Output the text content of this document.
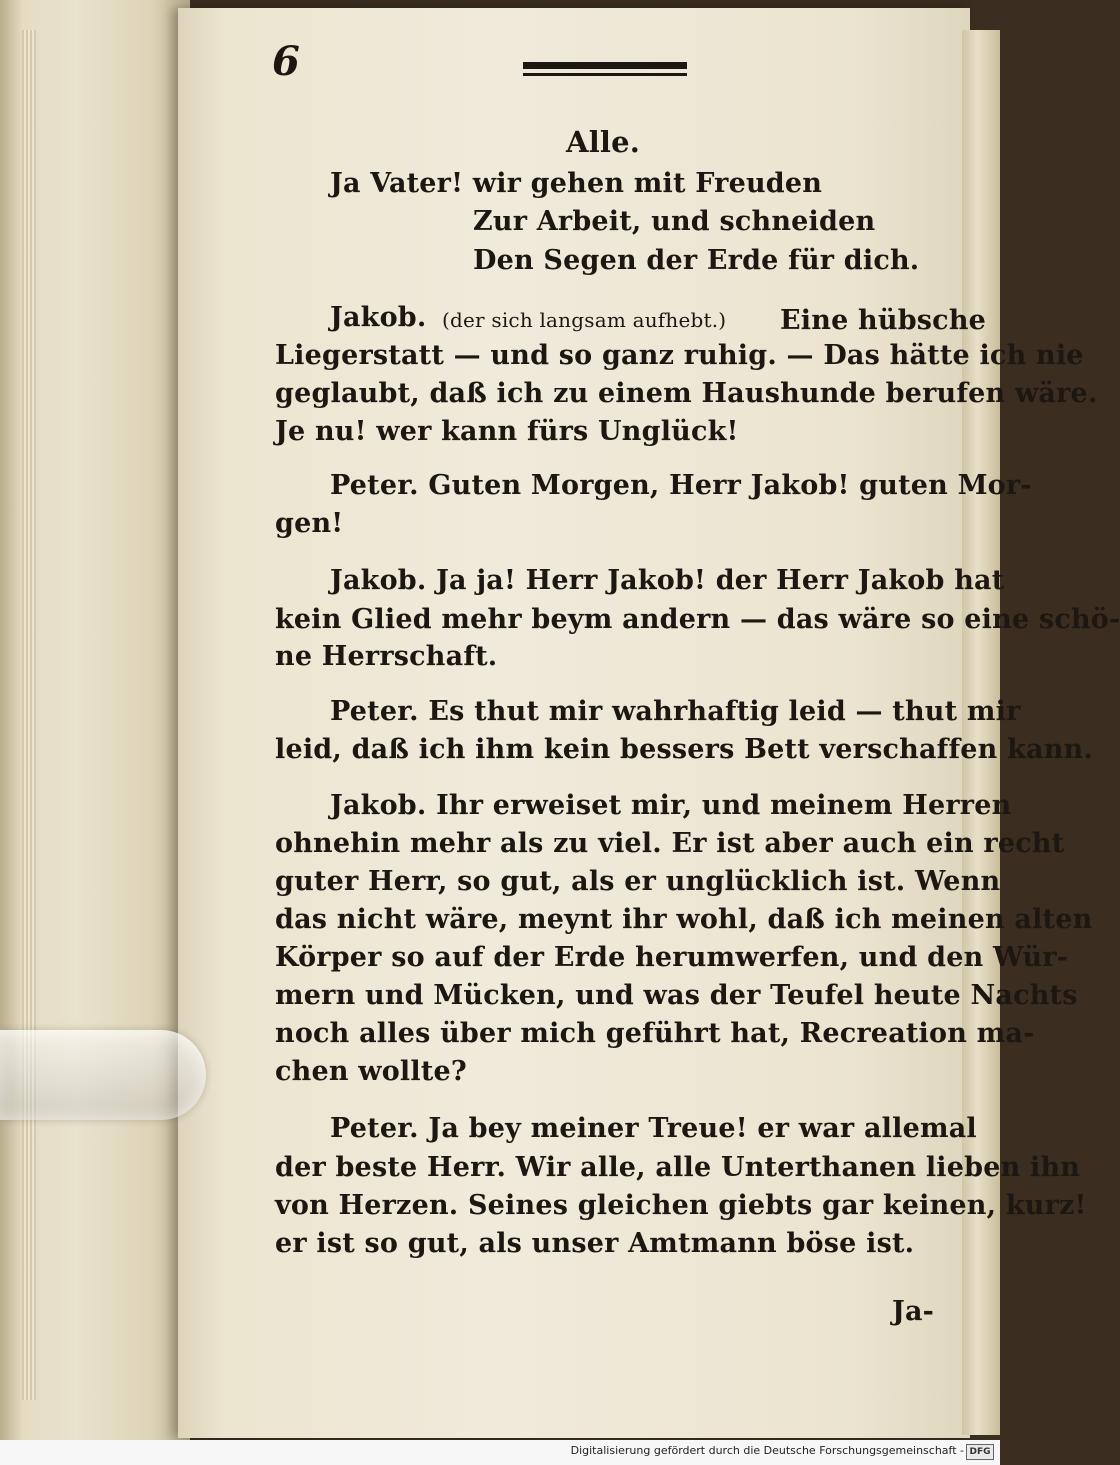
6
Alle.
Ja Vater! wir gehen mit Freuden
Zur Arbeit, und schneiden
Den Segen der Erde für dich.
Jakob. (der sich langsam aufhebt.) Eine hübsche
Liegerstatt — und so ganz ruhig. — Das hätte ich nie
geglaubt, daß ich zu einem Haushunde berufen wäre.
Je nu! wer kann fürs Unglück!
Peter. Guten Morgen, Herr Jakob! guten Mor-
gen!
Jakob. Ja ja! Herr Jakob! der Herr Jakob hat
kein Glied mehr beym andern — das wäre so eine schö-
ne Herrschaft.
Peter. Es thut mir wahrhaftig leid — thut mir
leid, daß ich ihm kein bessers Bett verschaffen kann.
Jakob. Ihr erweiset mir, und meinem Herren
ohnehin mehr als zu viel. Er ist aber auch ein recht
guter Herr, so gut, als er unglücklich ist. Wenn
das nicht wäre, meynt ihr wohl, daß ich meinen alten
Körper so auf der Erde herumwerfen, und den Wür-
mern und Mücken, und was der Teufel heute Nachts
noch alles über mich geführt hat, Recreation ma-
chen wollte?
Peter. Ja bey meiner Treue! er war allemal
der beste Herr. Wir alle, alle Unterthanen lieben ihn
von Herzen. Seines gleichen giebts gar keinen, kurz!
er ist so gut, als unser Amtmann böse ist.
Ja-
Digitalisierung gefördert durch die Deutsche Forschungsgemeinschaft - DFG
